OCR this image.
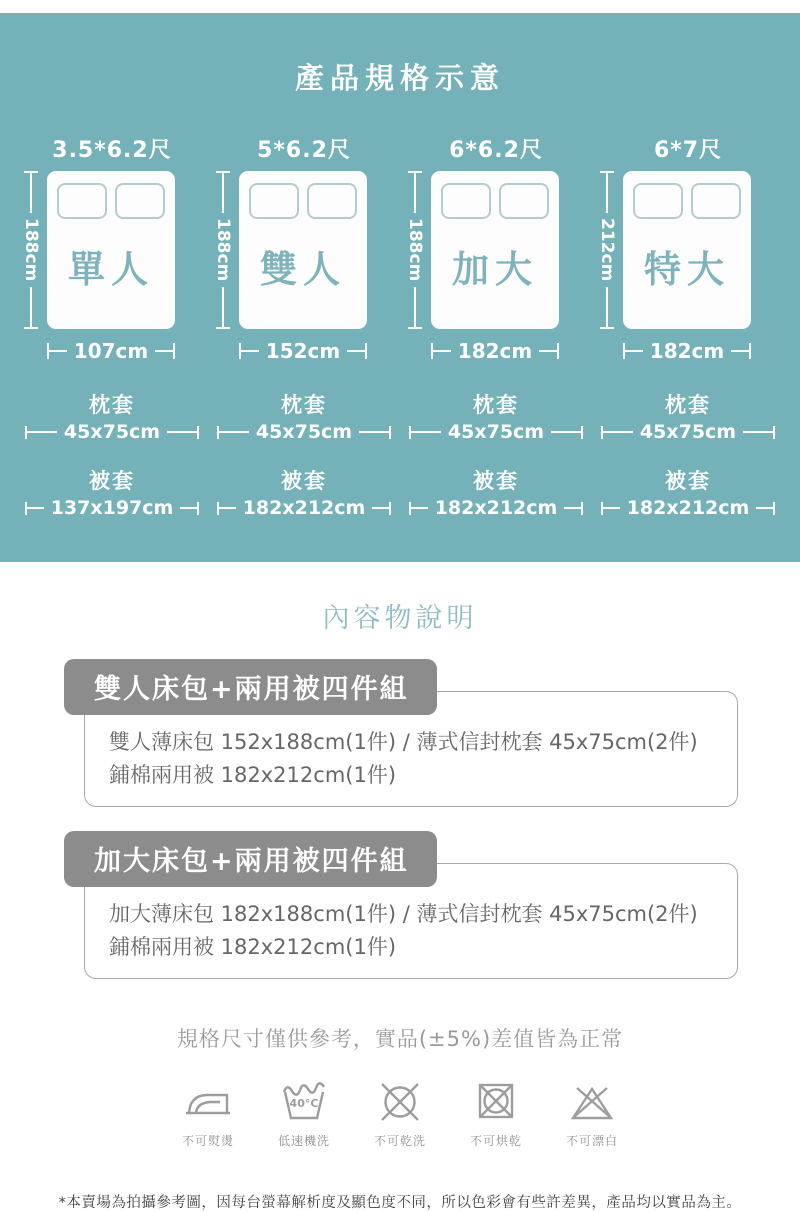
產品規格示意
3.5*6.2尺
188cm 單人
107cm
枕套
45x75cm
被套
137x197cm
5*6.2尺
188cm 雙人
152cm
枕套
45x75cm
被套
182x212cm
6*6.2尺
188cm 加大
182cm
枕套
45x75cm
被套
182x212cm
6*7尺
212cm 特大
182cm
枕套
45x75cm
被套
182x212cm
內容物說明
雙人床包+兩用被四件組
雙人薄床包 152x188cm(1件) / 薄式信封枕套 45x75cm(2件)
鋪棉兩用被 182x212cm(1件)
加大床包+兩用被四件組
加大薄床包 182x188cm(1件) / 薄式信封枕套 45x75cm(2件)
鋪棉兩用被 182x212cm(1件)
規格尺寸僅供參考，實品(±5%)差值皆為正常
不可熨燙
40°C
低速機洗	不可乾洗	不可烘乾	不可漂白
*本賣場為拍攝參考圖，因每台螢幕解析度及顯色度不同，所以色彩會有些許差異，產品均以實品為主。
